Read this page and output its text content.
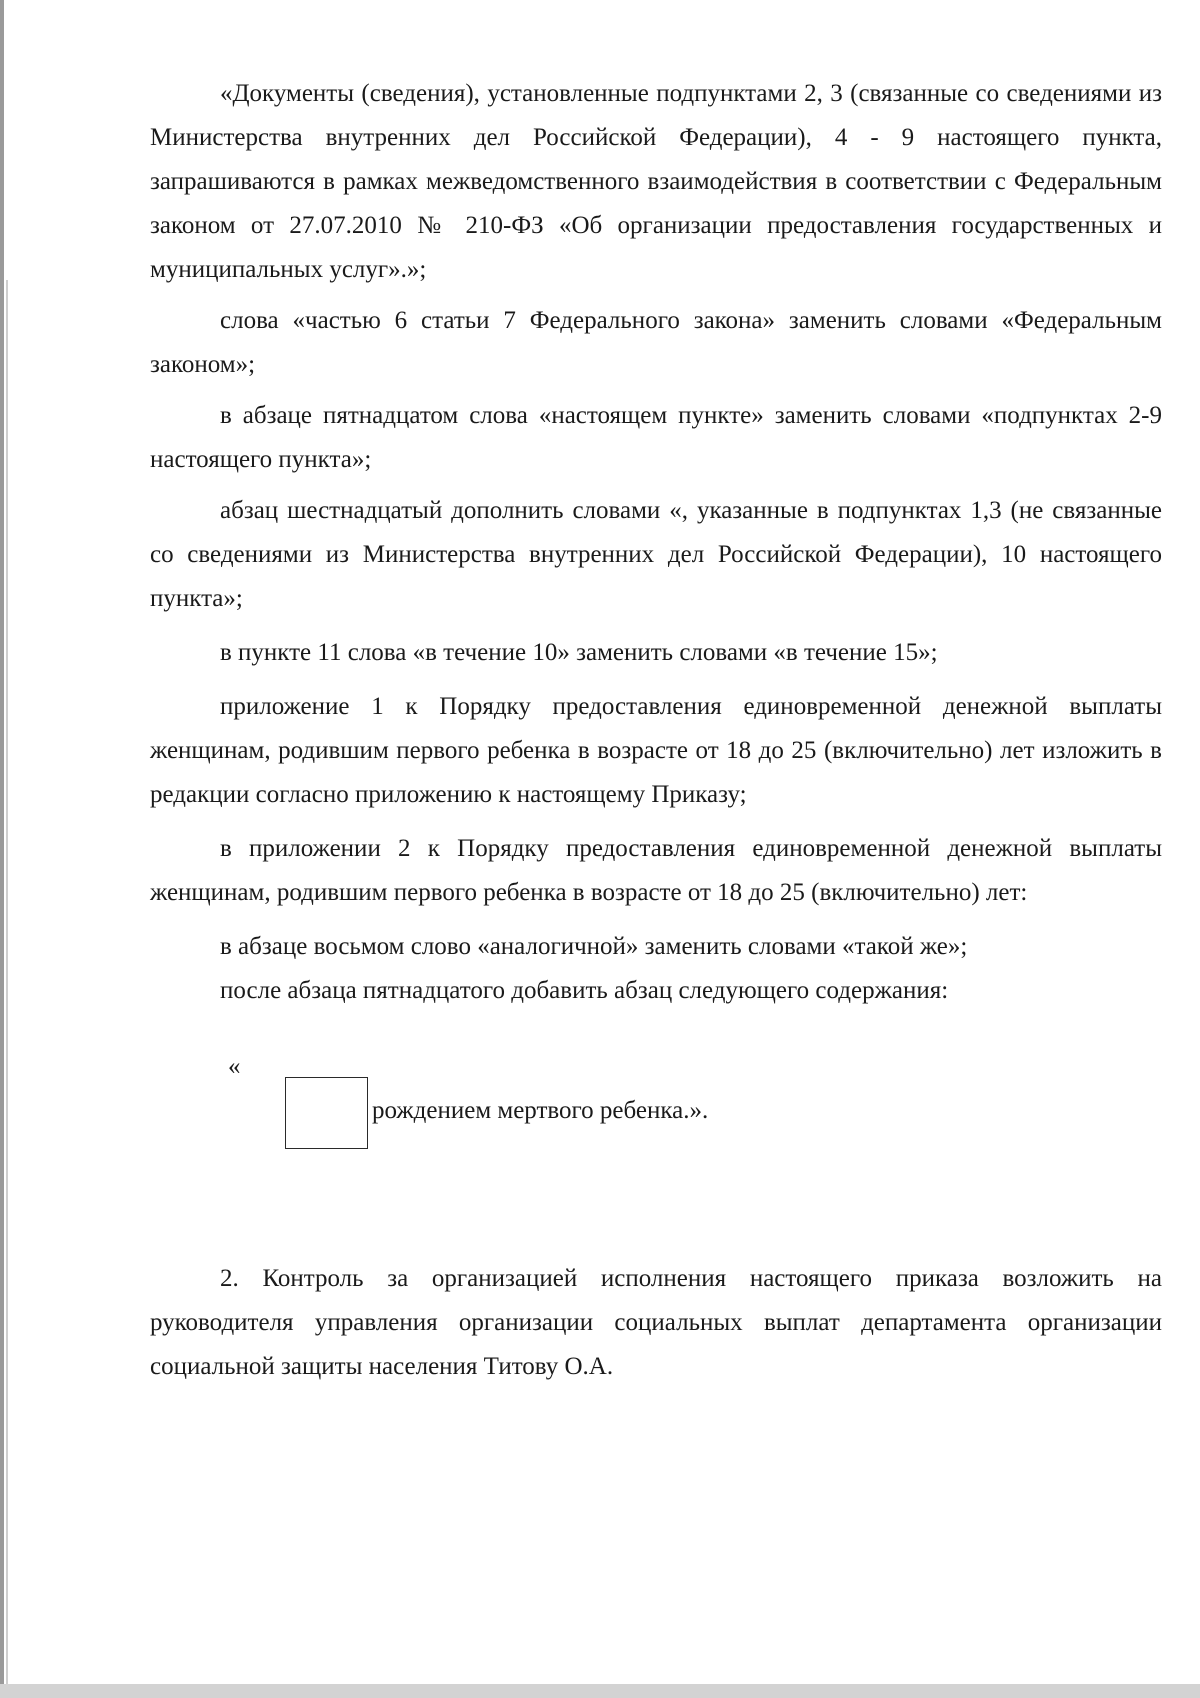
«Документы (сведения), установленные подпунктами 2, 3 (связанные со сведениями из Министерства внутренних дел Российской Федерации), 4 - 9 настоящего пункта, запрашиваются в рамках межведомственного взаимодействия в соответствии с Федеральным законом от 27.07.2010 № 210-ФЗ «Об организации предоставления государственных и муниципальных услуг».»;

слова «частью 6 статьи 7 Федерального закона» заменить словами «Федеральным законом»;

в абзаце пятнадцатом слова «настоящем пункте» заменить словами «подпунктах 2-9 настоящего пункта»;

абзац шестнадцатый дополнить словами «, указанные в подпунктах 1,3 (не связанные со сведениями из Министерства внутренних дел Российской Федерации), 10 настоящего пункта»;

в пункте 11 слова «в течение 10» заменить словами «в течение 15»;

приложение 1 к Порядку предоставления единовременной денежной выплаты женщинам, родившим первого ребенка в возрасте от 18 до 25 (включительно) лет изложить в редакции согласно приложению к настоящему Приказу;

в приложении 2 к Порядку предоставления единовременной денежной выплаты женщинам, родившим первого ребенка в возрасте от 18 до 25 (включительно) лет:

в абзаце восьмом слово «аналогичной» заменить словами «такой же»;

после абзаца пятнадцатого добавить абзац следующего содержания:

«
рождением мертвого ребенка.».

2. Контроль за организацией исполнения настоящего приказа возложить на руководителя управления организации социальных выплат департамента организации социальной защиты населения Титову О.А.
